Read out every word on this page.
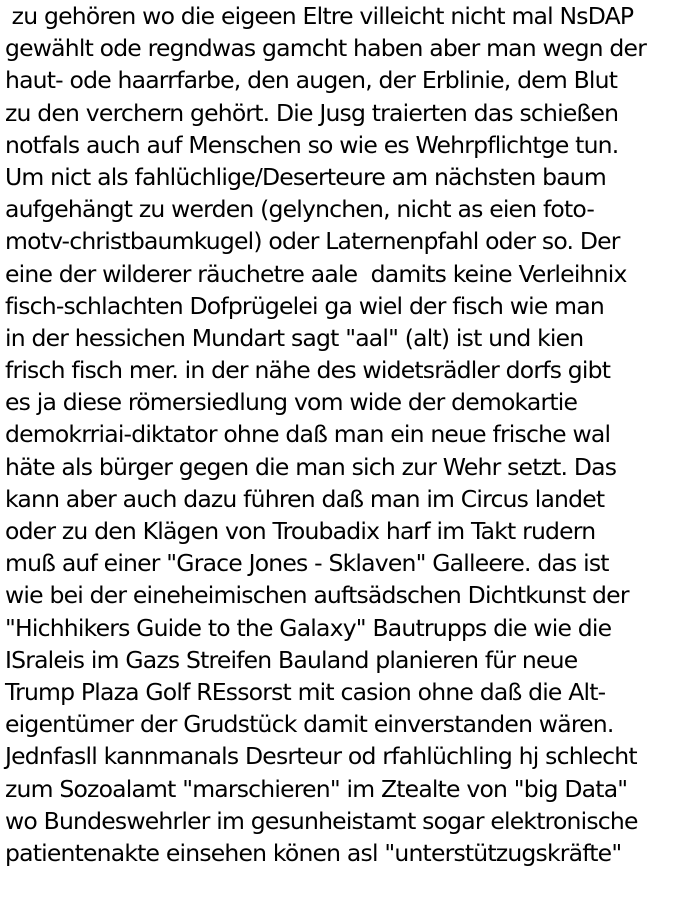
zu gehören wo die eigeen Eltre villeicht nicht mal NsDAP
gewählt ode regndwas gamcht haben aber man wegn der
haut- ode haarrfarbe, den augen, der Erblinie, dem Blut
zu den verchern gehört. Die Jusg traierten das schießen
notfals auch auf Menschen so wie es Wehrpflichtge tun.
Um nict als fahlüchlige/Deserteure am nächsten baum
aufgehängt zu werden (gelynchen, nicht as eien foto-
motv-christbaumkugel) oder Laternenpfahl oder so. Der
eine der wilderer räuchetre aale  damits keine Verleihnix
fisch-schlachten Dofprügelei ga wiel der fisch wie man
in der hessichen Mundart sagt "aal" (alt) ist und kien
frisch fisch mer. in der nähe des widetsrädler dorfs gibt
es ja diese römersiedlung vom wide der demokartie
demokrriai-diktator ohne daß man ein neue frische wal
häte als bürger gegen die man sich zur Wehr setzt. Das
kann aber auch dazu führen daß man im Circus landet
oder zu den Klägen von Troubadix harf im Takt rudern
muß auf einer "Grace Jones - Sklaven" Galleere. das ist
wie bei der eineheimischen auftsädschen Dichtkunst der
"Hichhikers Guide to the Galaxy" Bautrupps die wie die
ISraleis im Gazs Streifen Bauland planieren für neue
Trump Plaza Golf REssorst mit casion ohne daß die Alt-
eigentümer der Grudstück damit einverstanden wären.
Jednfasll kannmanals Desrteur od rfahlüchling hj schlecht
zum Sozoalamt "marschieren" im Ztealte von "big Data"
wo Bundeswehrler im gesunheistamt sogar elektronische
patientenakte einsehen könen asl "unterstützugskräfte"
